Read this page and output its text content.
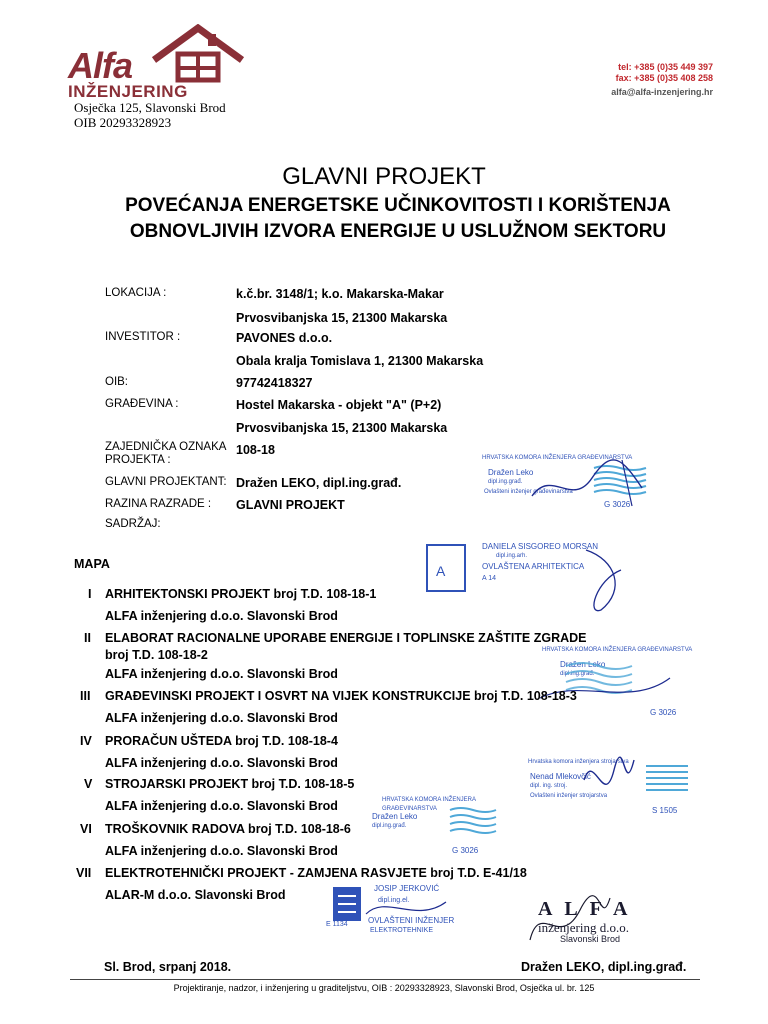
Alfa
INŽENJERING
Osječka 125, Slavonski Brod
OIB 20293328923
tel: +385 (0)35 449 397
fax: +385 (0)35 408 258
alfa@alfa-inzenjering.hr
GLAVNI PROJEKT
POVEĆANJA ENERGETSKE UČINKOVITOSTI I KORIŠTENJA
OBNOVLJIVIH IZVORA ENERGIJE U USLUŽNOM SEKTORU
LOKACIJA :	k.č.br. 3148/1; k.o. Makarska-Makar
Prvosvibanjska 15, 21300 Makarska
INVESTITOR :	PAVONES d.o.o.
Obala kralja Tomislava 1, 21300 Makarska
OIB:	97742418327
GRAĐEVINA :	Hostel Makarska - objekt "A" (P+2)
Prvosvibanjska 15, 21300 Makarska
ZAJEDNIČKA OZNAKA
PROJEKTA :
108-18
GLAVNI PROJEKTANT: Dražen LEKO, dipl.ing.građ.
RAZINA RAZRADE : GLAVNI PROJEKT
SADRŽAJ:
HRVATSKA KOMORA INŽENJERA GRAĐEVINARSTVA
Dražen Leko
dipl.ing.građ.
Ovlašteni inženjer građevinarstva
G 3026
A
DANIELA SISGOREO MORSAN
dipl.ing.arh.
OVLAŠTENA ARHITEKTICA
A 14
HRVATSKA KOMORA INŽENJERA GRAĐEVINARSTVA
Dražen Leko
dipl.ing.građ.
G 3026
Hrvatska komora inženjera strojarstva
Nenad Mlekovčić
dipl. ing. stroj.
Ovlašteni inženjer strojarstva
S 1505
HRVATSKA KOMORA INŽENJERA GRAĐEVINARSTVA
Dražen Leko
dipl.ing.građ.
G 3026
JOSIP JERKOVIĆ
dipl.ing.el.
OVLAŠTENI INŽENJER
ELEKTROTEHNIKE
E 1134
A L F A
inženjering d.o.o.
Slavonski Brod
MAPA
I ARHITEKTONSKI PROJEKT broj T.D. 108-18-1
ALFA inženjering d.o.o. Slavonski Brod
II ELABORAT RACIONALNE UPORABE ENERGIJE I TOPLINSKE ZAŠTITE ZGRADE
broj T.D. 108-18-2
ALFA inženjering d.o.o. Slavonski Brod
III GRAĐEVINSKI PROJEKT I OSVRT NA VIJEK KONSTRUKCIJE broj T.D. 108-18-3
ALFA inženjering d.o.o. Slavonski Brod
IV PRORAČUN UŠTEDA broj T.D. 108-18-4
ALFA inženjering d.o.o. Slavonski Brod
V STROJARSKI PROJEKT broj T.D. 108-18-5
ALFA inženjering d.o.o. Slavonski Brod
VI TROŠKOVNIK RADOVA broj T.D. 108-18-6
ALFA inženjering d.o.o. Slavonski Brod
VII ELEKTROTEHNIČKI PROJEKT - ZAMJENA RASVJETE broj T.D. E-41/18
ALAR-M d.o.o. Slavonski Brod
Sl. Brod, srpanj 2018.	Dražen LEKO, dipl.ing.građ.
Projektiranje, nadzor, i inženjering u graditeljstvu, OIB : 20293328923, Slavonski Brod, Osječka ul. br. 125
